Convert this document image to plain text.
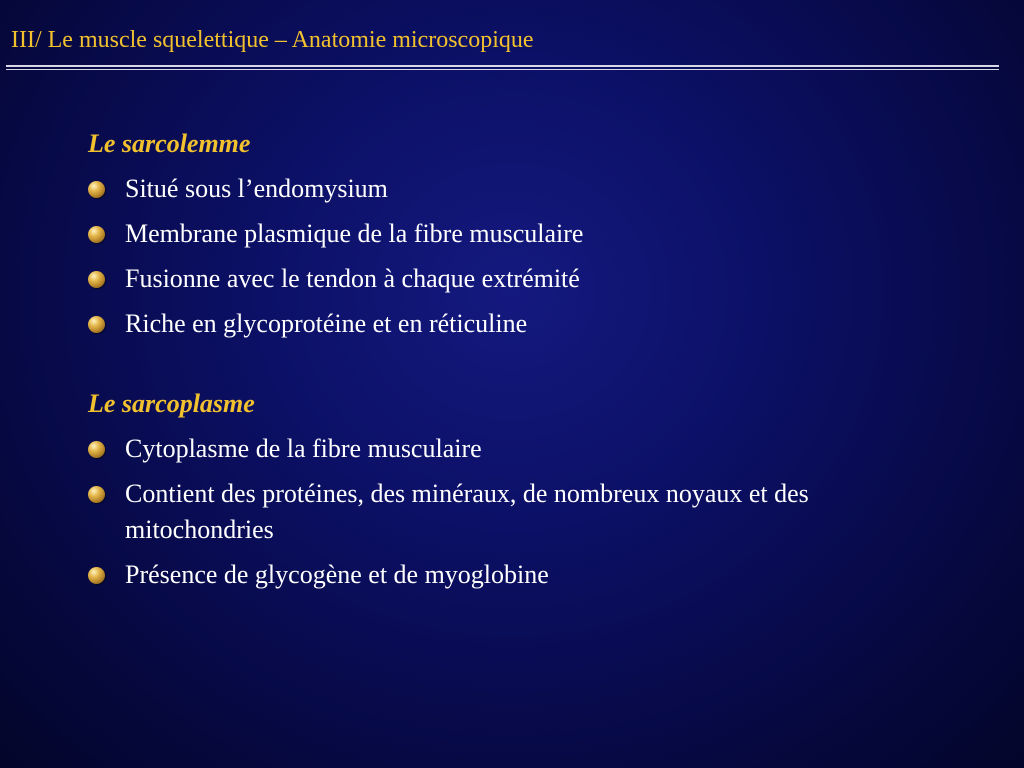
III/ Le muscle squelettique – Anatomie microscopique
Le sarcolemme
Situé sous l’endomysium
Membrane plasmique de la fibre musculaire
Fusionne avec le tendon à chaque extrémité
Riche en glycoprotéine et en réticuline
Le sarcoplasme
Cytoplasme de la fibre musculaire
Contient des protéines, des minéraux, de nombreux noyaux et des mitochondries
Présence de glycogène et de myoglobine
